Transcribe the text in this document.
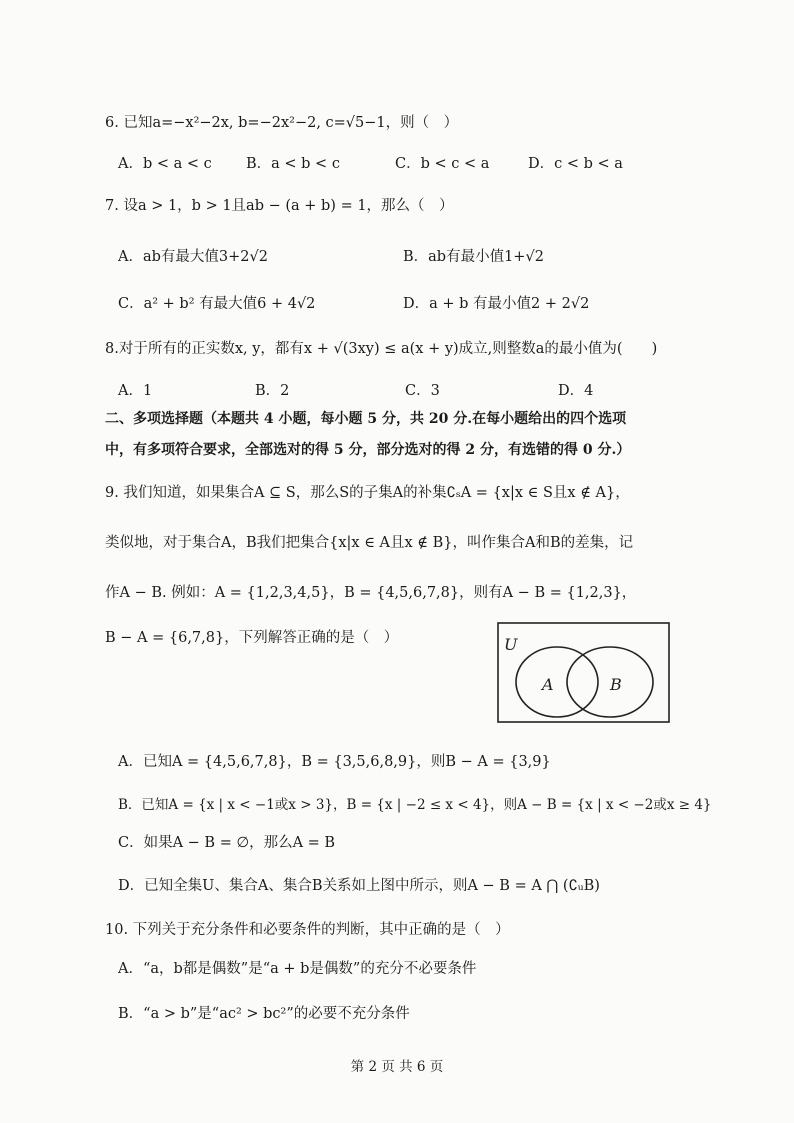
6. 已知a=−x²−2x, b=−2x²−2, c=√5−1，则（　）
A．b < a < c B．a < b < c	C．b < c < a	D．c < b < a
7. 设a > 1，b > 1且ab − (a + b) = 1，那么（　）
A．ab有最大值3+2√2	B．ab有最小值1+√2
C．a² + b² 有最大值6 + 4√2	D．a + b 有最小值2 + 2√2
8.对于所有的正实数x, y，都有x + √(3xy) ≤ a(x + y)成立,则整数a的最小值为(　　)
A．1	B．2	C．3	D．4
二、多项选择题（本题共 4 小题，每小题 5 分，共 20 分.在每小题给出的四个选项
中，有多项符合要求，全部选对的得 5 分，部分选对的得 2 分，有选错的得 0 分.）
9. 我们知道，如果集合A ⊆ S，那么S的子集A的补集∁ₛA = {x|x ∈ S且x ∉ A}，
类似地，对于集合A，B我们把集合{x|x ∈ A且x ∉ B}，叫作集合A和B的差集，记
作A − B. 例如：A = {1,2,3,4,5}，B = {4,5,6,7,8}，则有A − B = {1,2,3}，
B − A = {6,7,8}，下列解答正确的是（　）	U
A	B
A．已知A = {4,5,6,7,8}，B = {3,5,6,8,9}，则B − A = {3,9}
B．已知A = {x | x < −1或x > 3}，B = {x | −2 ≤ x < 4}，则A − B = {x | x < −2或x ≥ 4}
C．如果A − B = ∅，那么A = B
D．已知全集U、集合A、集合B关系如上图中所示，则A − B = A ⋂ (∁ᵤB)
10. 下列关于充分条件和必要条件的判断，其中正确的是（　）
A．“a，b都是偶数”是“a + b是偶数”的充分不必要条件
B．“a > b”是“ac² > bc²”的必要不充分条件
第 2 页 共 6 页
